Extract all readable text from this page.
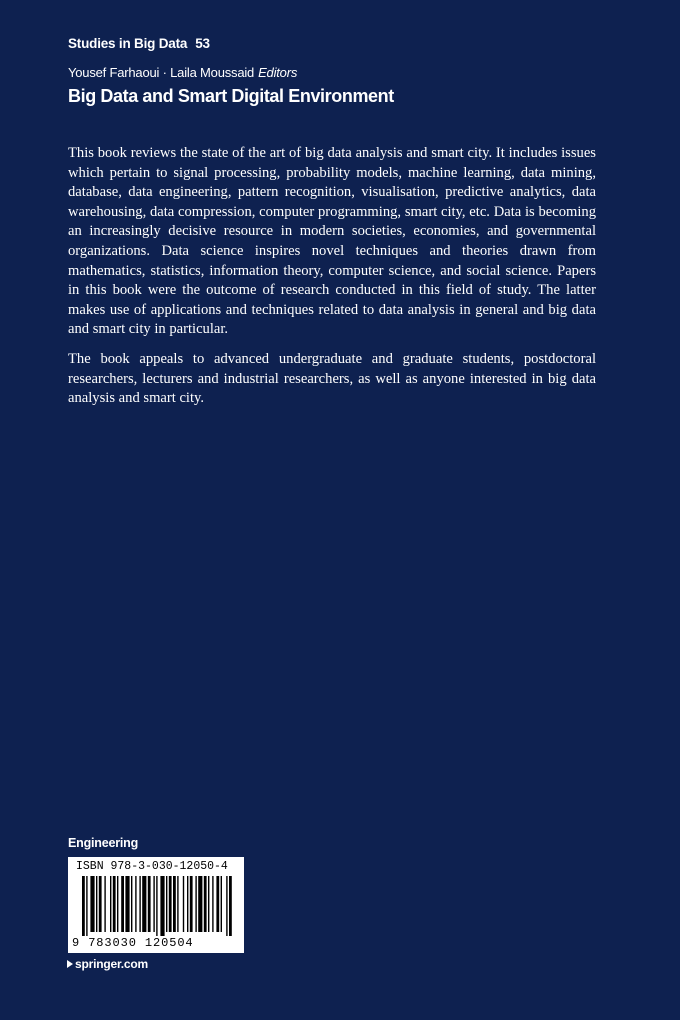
Studies in Big Data 53
Yousef Farhaoui · Laila Moussaid Editors
Big Data and Smart Digital Environment

This book reviews the state of the art of big data analysis and smart city. It includes issues which pertain to signal processing, probability models, machine learning, data mining, database, data engineering, pattern recognition, visualisation, predictive analytics, data warehousing, data compression, computer programming, smart city, etc. Data is becoming an increasingly decisive resource in modern societies, economies, and governmental organizations. Data science inspires novel techniques and theories drawn from mathematics, statistics, information theory, computer science, and social science. Papers in this book were the outcome of research conducted in this field of study. The latter makes use of applications and techniques related to data analysis in general and big data and smart city in particular.

The book appeals to advanced undergraduate and graduate students, postdoctoral researchers, lecturers and industrial researchers, as well as anyone interested in big data analysis and smart city.

Engineering
ISBN 978-3-030-12050-4
9 783030 120504
springer.com
